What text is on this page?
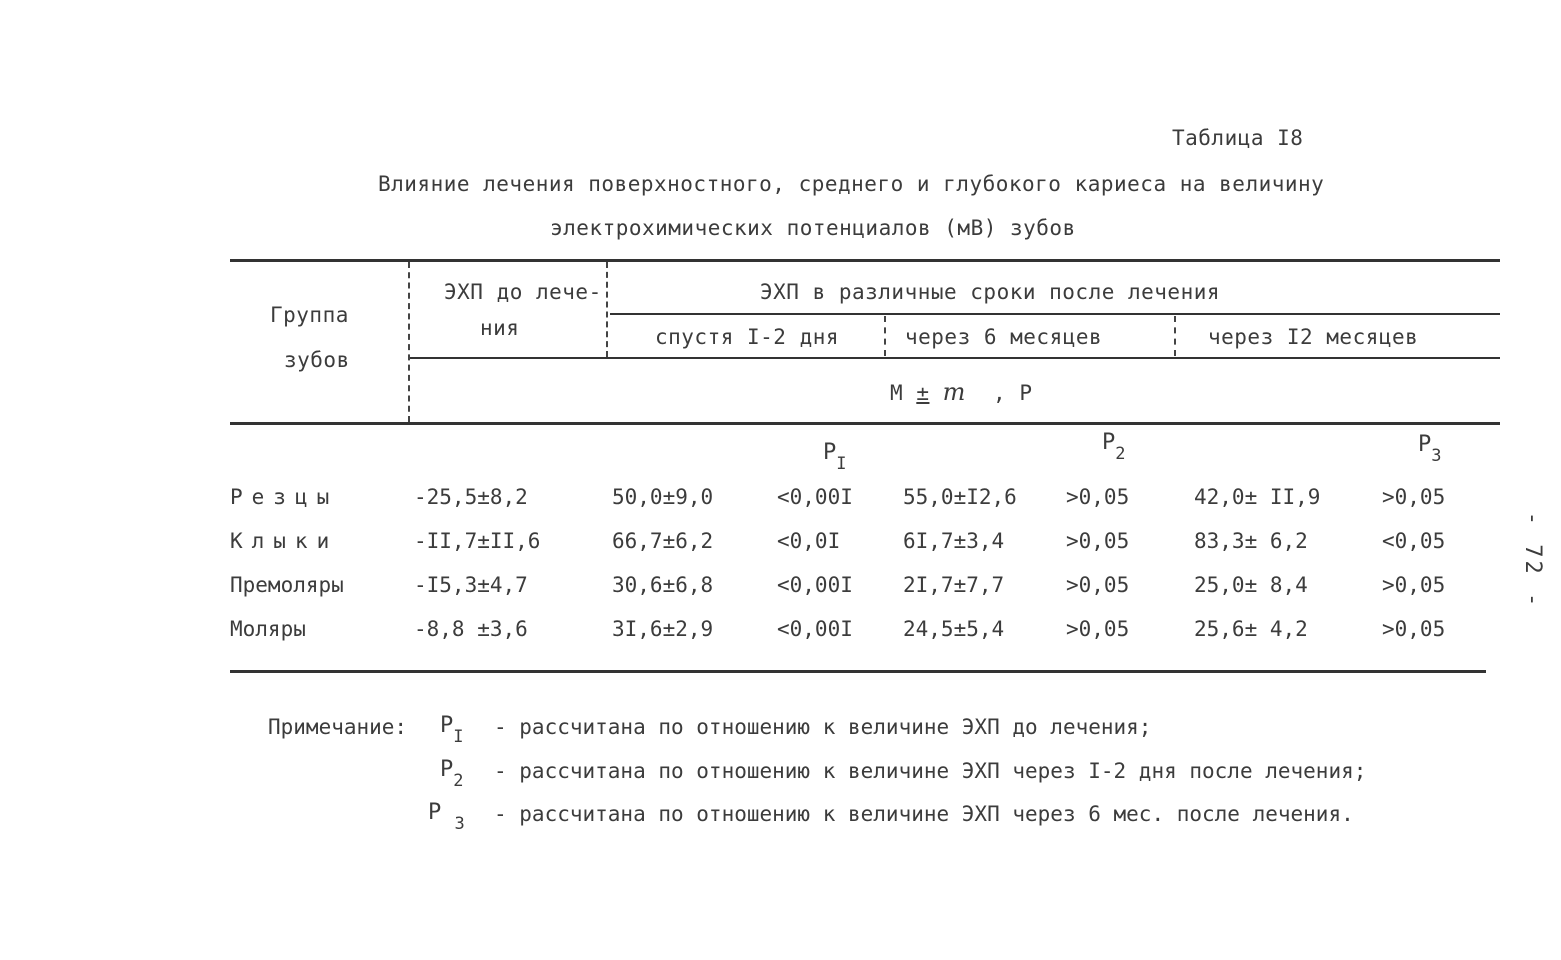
Таблица I8
Влияние лечения поверхностного, среднего и глубокого кариеса на величину
электрохимических потенциалов (мВ) зубов
Группа
зубов
ЭХП до лече-
ния
ЭХП в различные сроки после лечения
спустя I-2 дня	через 6 месяцев	через I2 месяцев
M ± m , P
$P_I$
$P_2$	$P_3$
Резцы	-25,5±8,2	50,0±9,0	<0,00I 55,0±I2,6 >0,05	42,0± II,9	>0,05
Клыки	-II,7±II,6	66,7±6,2	<0,0I	6I,7±3,4	>0,05	83,3± 6,2	<0,05
Премоляры	-I5,3±4,7	30,6±6,8	<0,00I 2I,7±7,7	>0,05	25,0± 8,4	>0,05
Моляры	-8,8 ±3,6	3I,6±2,9	<0,00I 24,5±5,4	>0,05	25,6± 4,2	>0,05
Примечание: $P_I$ - рассчитана по отношению к величине ЭХП до лечения;
$P_2$ - рассчитана по отношению к величине ЭХП через I-2 дня после лечения;
P $_3$ - рассчитана по отношению к величине ЭХП через 6 мес. после лечения.
- 72 -
